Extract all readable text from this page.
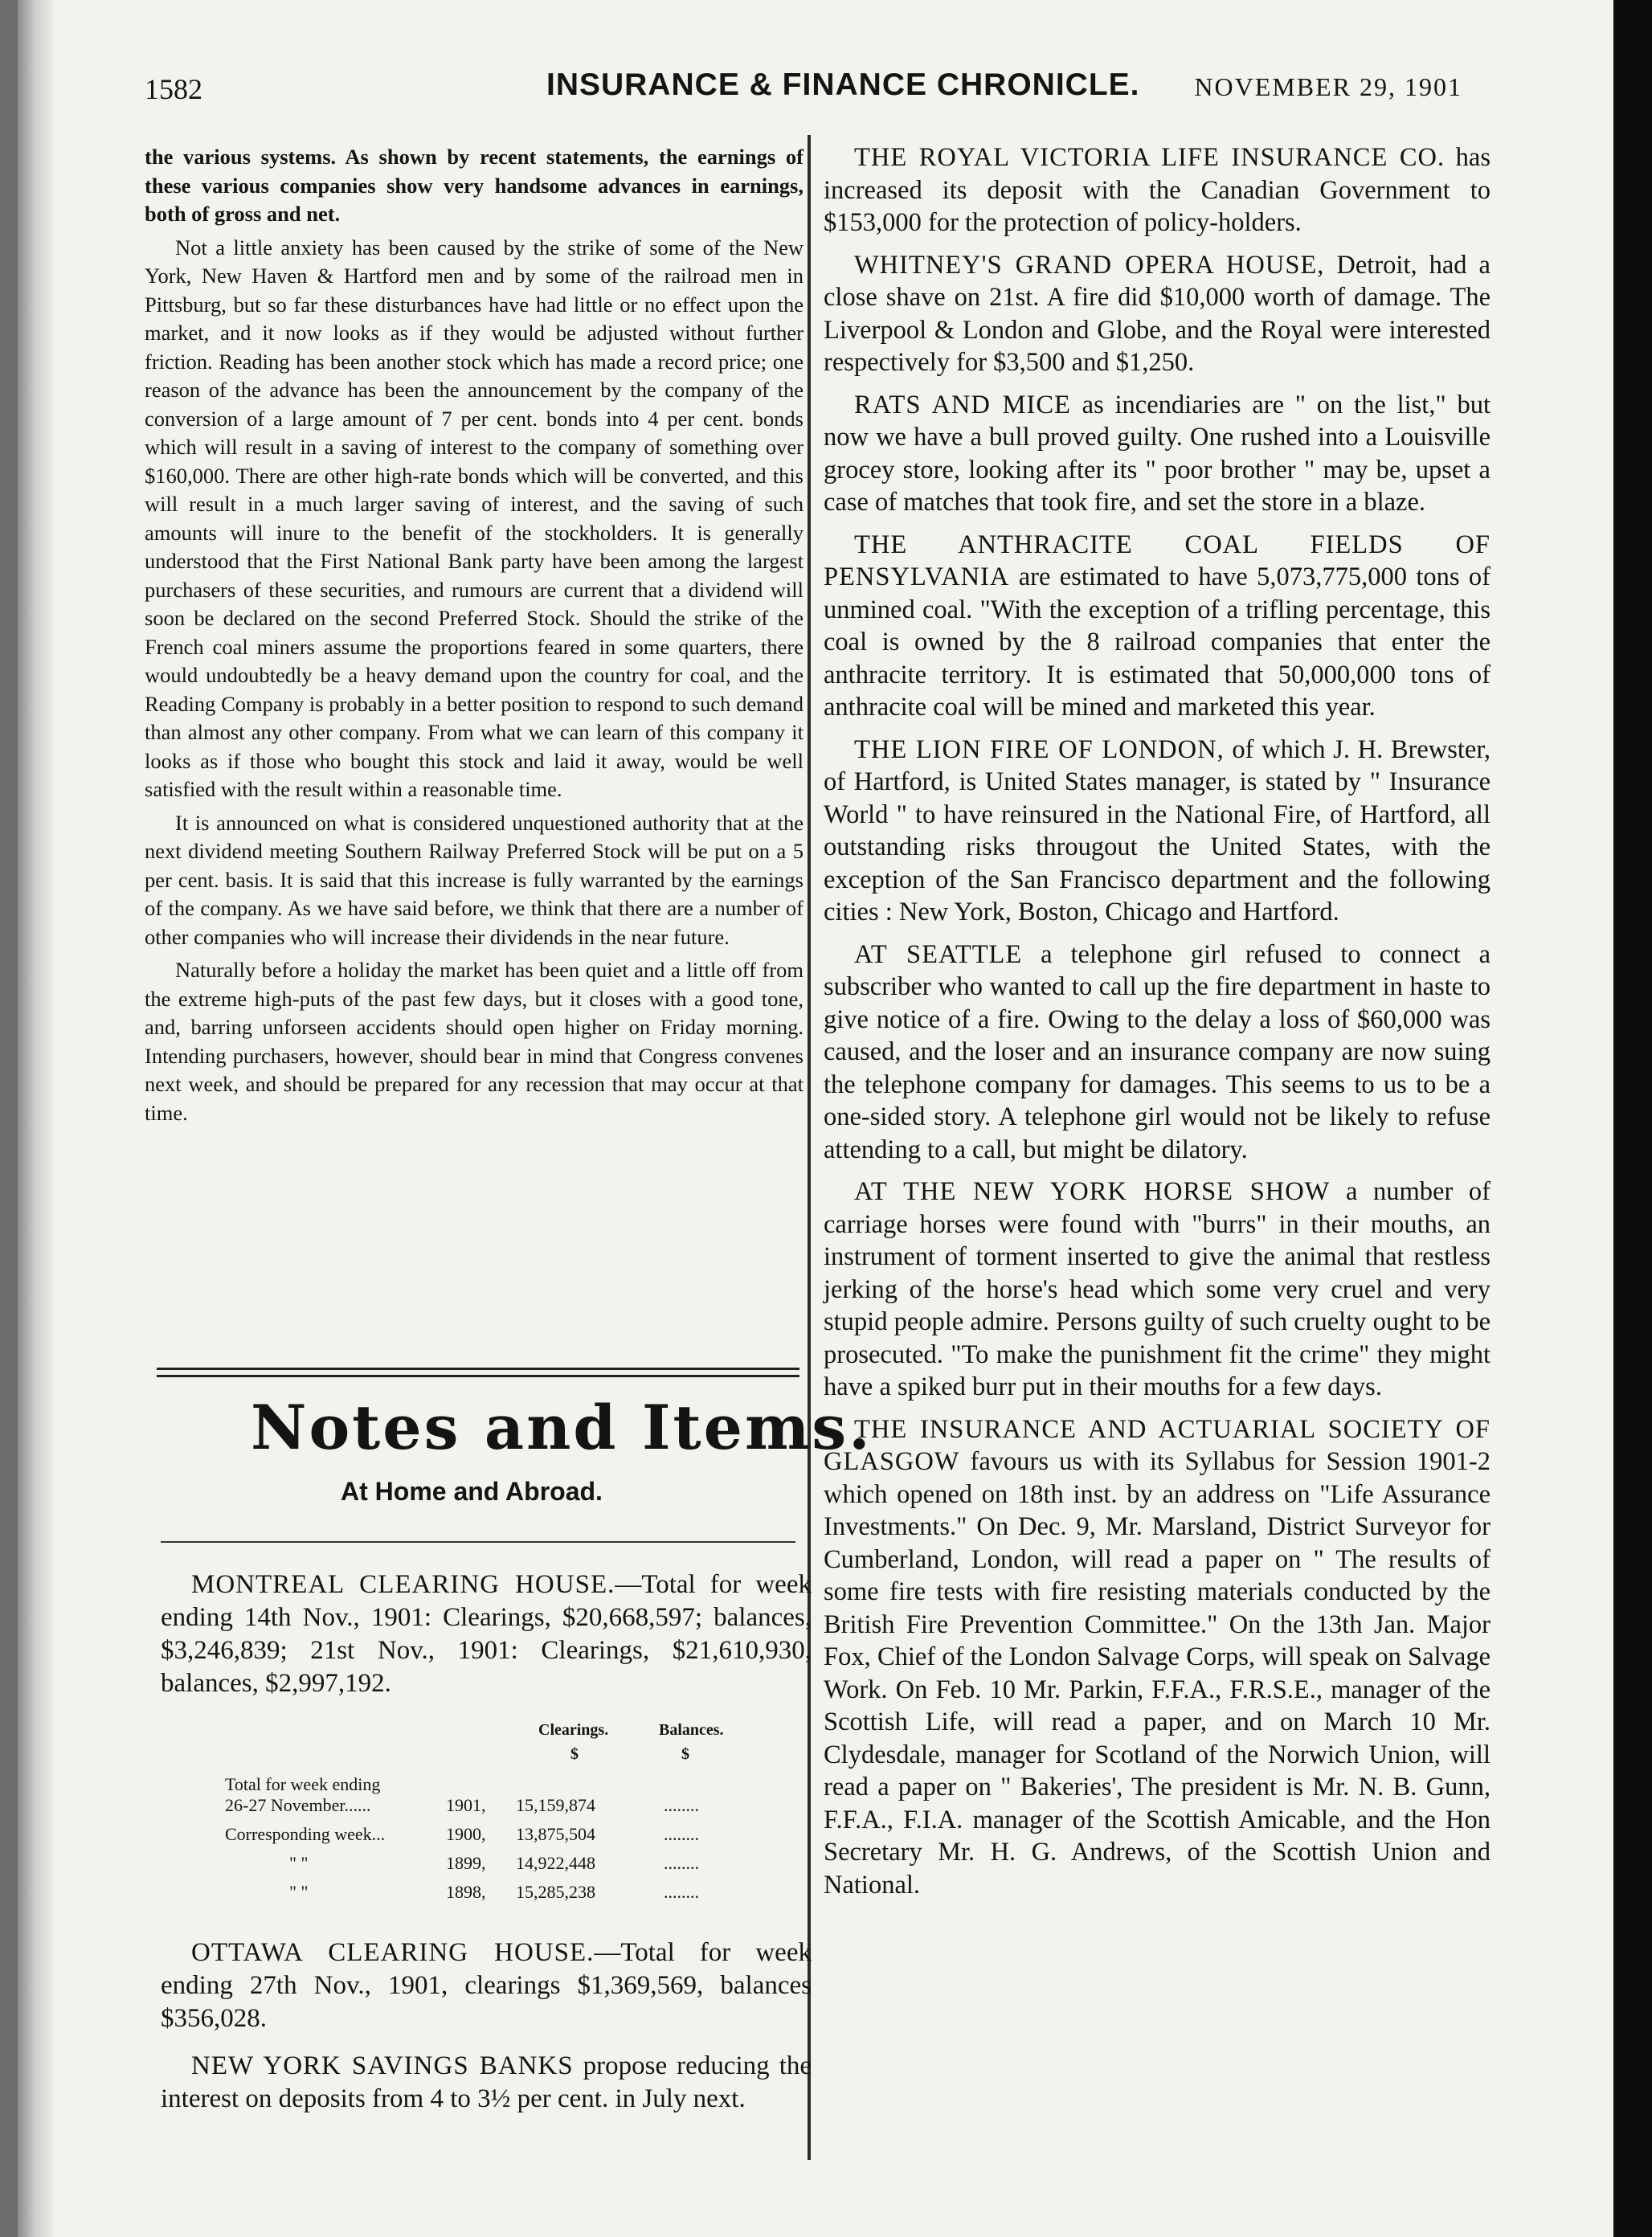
1582	INSURANCE & FINANCE CHRONICLE. NOVEMBER 29, 1901

the various systems. As shown by recent statements, the earnings of these various companies show very handsome advances in earnings, both of gross and net.

Not a little anxiety has been caused by the strike of some of the New York, New Haven & Hartford men and by some of the railroad men in Pittsburg, but so far these disturbances have had little or no effect upon the market, and it now looks as if they would be adjusted without further friction. Reading has been another stock which has made a record price; one reason of the advance has been the announcement by the company of the conversion of a large amount of 7 per cent. bonds into 4 per cent. bonds which will result in a saving of interest to the company of something over $160,000. There are other high-rate bonds which will be converted, and this will result in a much larger saving of interest, and the saving of such amounts will inure to the benefit of the stockholders. It is generally understood that the First National Bank party have been among the largest purchasers of these securities, and rumours are current that a dividend will soon be declared on the second Preferred Stock. Should the strike of the French coal miners assume the proportions feared in some quarters, there would undoubtedly be a heavy demand upon the country for coal, and the Reading Company is probably in a better position to respond to such demand than almost any other company. From what we can learn of this company it looks as if those who bought this stock and laid it away, would be well satisfied with the result within a reasonable time.

It is announced on what is considered unquestioned authority that at the next dividend meeting Southern Railway Preferred Stock will be put on a 5 per cent. basis. It is said that this increase is fully warranted by the earnings of the company. As we have said before, we think that there are a number of other companies who will increase their dividends in the near future.

Naturally before a holiday the market has been quiet and a little off from the extreme high-puts of the past few days, but it closes with a good tone, and, barring unforseen accidents should open higher on Friday morning. Intending purchasers, however, should bear in mind that Congress convenes next week, and should be prepared for any recession that may occur at that time.

Notes and Items.
At Home and Abroad.

MONTREAL CLEARING HOUSE.—Total for week ending 14th Nov., 1901: Clearings, $20,668,597; balances, $3,246,839; 21st Nov., 1901: Clearings, $21,610,930, balances, $2,997,192.

Clearings.	Balances.
$	$
Total for week ending
26-27 November......	1901, 15,159,874	........
Corresponding week...	1900, 13,875,504	........
" "	1899, 14,922,448	........
" "	1898, 15,285,238	........

OTTAWA CLEARING HOUSE.—Total for week ending 27th Nov., 1901, clearings $1,369,569, balances $356,028.

NEW YORK SAVINGS BANKS propose reducing the interest on deposits from 4 to 3½ per cent. in July next.

THE ROYAL VICTORIA LIFE INSURANCE CO. has increased its deposit with the Canadian Government to $153,000 for the protection of policy-holders.

WHITNEY'S GRAND OPERA HOUSE, Detroit, had a close shave on 21st. A fire did $10,000 worth of damage. The Liverpool & London and Globe, and the Royal were interested respectively for $3,500 and $1,250.

RATS AND MICE as incendiaries are " on the list," but now we have a bull proved guilty. One rushed into a Louisville grocey store, looking after its " poor brother " may be, upset a case of matches that took fire, and set the store in a blaze.

THE ANTHRACITE COAL FIELDS OF PENSYLVANIA are estimated to have 5,073,775,000 tons of unmined coal. "With the exception of a trifling percentage, this coal is owned by the 8 railroad companies that enter the anthracite territory. It is estimated that 50,000,000 tons of anthracite coal will be mined and marketed this year.

THE LION FIRE OF LONDON, of which J. H. Brewster, of Hartford, is United States manager, is stated by " Insurance World " to have reinsured in the National Fire, of Hartford, all outstanding risks througout the United States, with the exception of the San Francisco department and the following cities : New York, Boston, Chicago and Hartford.

AT SEATTLE a telephone girl refused to connect a subscriber who wanted to call up the fire department in haste to give notice of a fire. Owing to the delay a loss of $60,000 was caused, and the loser and an insurance company are now suing the telephone company for damages. This seems to us to be a one-sided story. A telephone girl would not be likely to refuse attending to a call, but might be dilatory.

AT THE NEW YORK HORSE SHOW a number of carriage horses were found with "burrs" in their mouths, an instrument of torment inserted to give the animal that restless jerking of the horse's head which some very cruel and very stupid people admire. Persons guilty of such cruelty ought to be prosecuted. "To make the punishment fit the crime" they might have a spiked burr put in their mouths for a few days.

THE INSURANCE AND ACTUARIAL SOCIETY OF GLASGOW favours us with its Syllabus for Session 1901-2 which opened on 18th inst. by an address on "Life Assurance Investments." On Dec. 9, Mr. Marsland, District Surveyor for Cumberland, London, will read a paper on " The results of some fire tests with fire resisting materials conducted by the British Fire Prevention Committee." On the 13th Jan. Major Fox, Chief of the London Salvage Corps, will speak on Salvage Work. On Feb. 10 Mr. Parkin, F.F.A., F.R.S.E., manager of the Scottish Life, will read a paper, and on March 10 Mr. Clydesdale, manager for Scotland of the Norwich Union, will read a paper on " Bakeries', The president is Mr. N. B. Gunn, F.F.A., F.I.A. manager of the Scottish Amicable, and the Hon Secretary Mr. H. G. Andrews, of the Scottish Union and National.
